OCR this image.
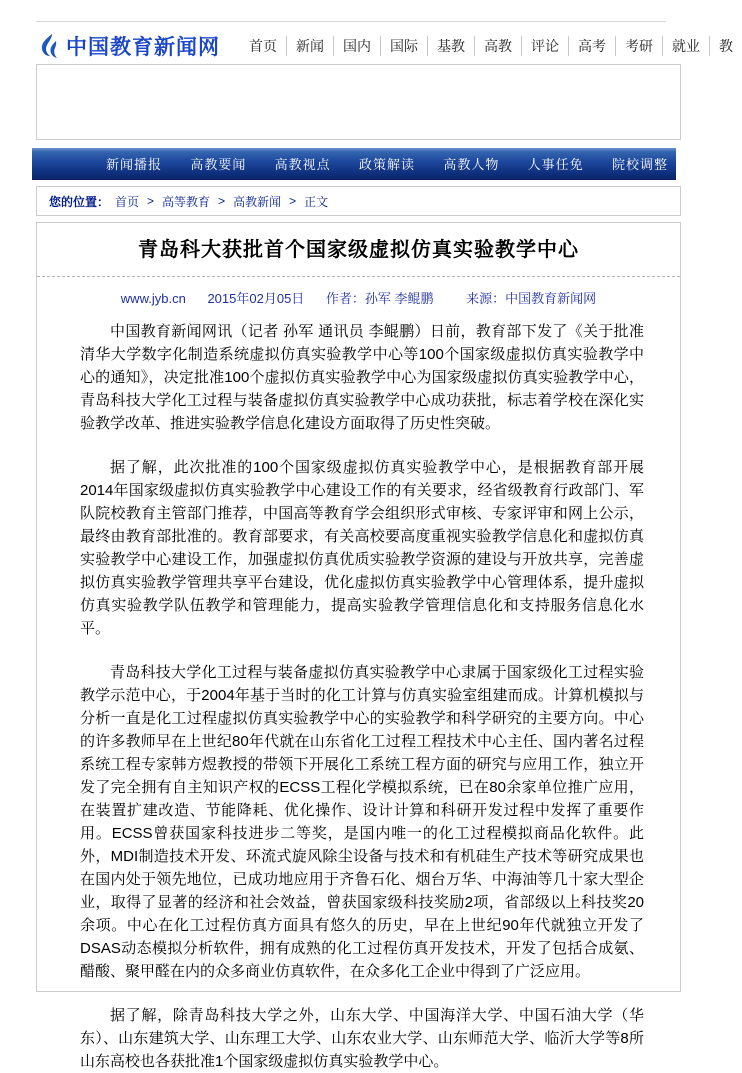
中国教育新闻网	首页	新闻	国内	国际	基教	高教	评论	高考	考研	就业	教
新闻播报 高教要闻 高教视点 政策解读 高教人物 人事任免 院校调整
您的位置： 首页 > 高等教育 > 高教新闻 > 正文
青岛科大获批首个国家级虚拟仿真实验教学中心
www.jyb.cn 2015年02月05日 作者：孙军 李鲲鹏	来源：中国教育新闻网

中国教育新闻网讯（记者 孙军 通讯员 李鲲鹏）日前，教育部下发了《关于批准清华大学数字化制造系统虚拟仿真实验教学中心等100个国家级虚拟仿真实验教学中心的通知》，决定批准100个虚拟仿真实验教学中心为国家级虚拟仿真实验教学中心，青岛科技大学化工过程与装备虚拟仿真实验教学中心成功获批，标志着学校在深化实验教学改革、推进实验教学信息化建设方面取得了历史性突破。

据了解，此次批准的100个国家级虚拟仿真实验教学中心，是根据教育部开展2014年国家级虚拟仿真实验教学中心建设工作的有关要求，经省级教育行政部门、军队院校教育主管部门推荐，中国高等教育学会组织形式审核、专家评审和网上公示，最终由教育部批准的。教育部要求，有关高校要高度重视实验教学信息化和虚拟仿真实验教学中心建设工作，加强虚拟仿真优质实验教学资源的建设与开放共享，完善虚拟仿真实验教学管理共享平台建设，优化虚拟仿真实验教学中心管理体系，提升虚拟仿真实验教学队伍教学和管理能力，提高实验教学管理信息化和支持服务信息化水平。

青岛科技大学化工过程与装备虚拟仿真实验教学中心隶属于国家级化工过程实验教学示范中心，于2004年基于当时的化工计算与仿真实验室组建而成。计算机模拟与分析一直是化工过程虚拟仿真实验教学中心的实验教学和科学研究的主要方向。中心的许多教师早在上世纪80年代就在山东省化工过程工程技术中心主任、国内著名过程系统工程专家韩方煜教授的带领下开展化工系统工程方面的研究与应用工作，独立开发了完全拥有自主知识产权的ECSS工程化学模拟系统，已在80余家单位推广应用，在装置扩建改造、节能降耗、优化操作、设计计算和科研开发过程中发挥了重要作用。ECSS曾获国家科技进步二等奖，是国内唯一的化工过程模拟商品化软件。此外，MDI制造技术开发、环流式旋风除尘设备与技术和有机硅生产技术等研究成果也在国内处于领先地位，已成功地应用于齐鲁石化、烟台万华、中海油等几十家大型企业，取得了显著的经济和社会效益，曾获国家级科技奖励2项，省部级以上科技奖20余项。中心在化工过程仿真方面具有悠久的历史，早在上世纪90年代就独立开发了DSAS动态模拟分析软件，拥有成熟的化工过程仿真开发技术，开发了包括合成氨、醋酸、聚甲醛在内的众多商业仿真软件，在众多化工企业中得到了广泛应用。

据了解，除青岛科技大学之外，山东大学、中国海洋大学、中国石油大学（华东）、山东建筑大学、山东理工大学、山东农业大学、山东师范大学、临沂大学等8所山东高校也各获批准1个国家级虚拟仿真实验教学中心。
